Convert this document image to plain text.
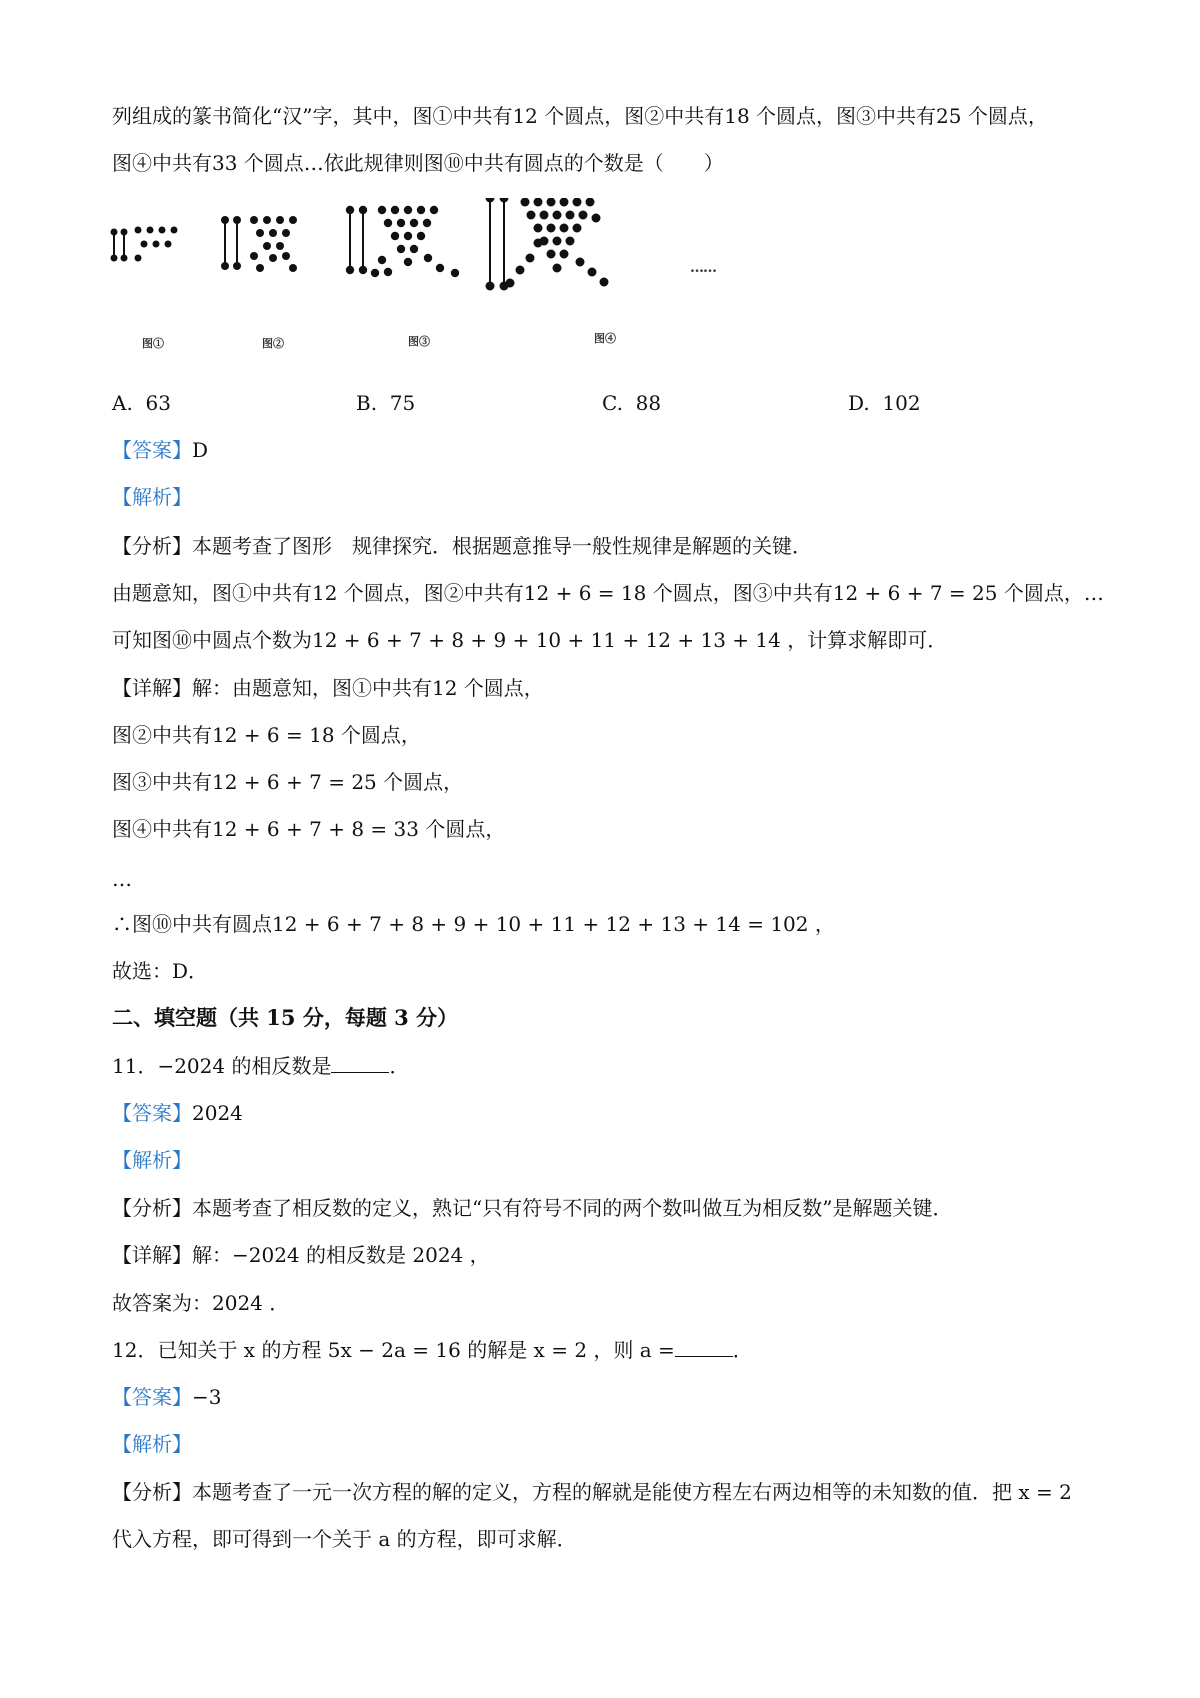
列组成的篆书简化“汉”字，其中，图①中共有12 个圆点，图②中共有18 个圆点，图③中共有25 个圆点，
图④中共有33 个圆点…依此规律则图⑩中共有圆点的个数是（　　）
图①	图②	图③	图④
……
A. 63	B. 75	C. 88	D. 102
【答案】D
【解析】
【分析】本题考查了图形　规律探究．根据题意推导一般性规律是解题的关键．
由题意知，图①中共有12 个圆点，图②中共有12 + 6 = 18 个圆点，图③中共有12 + 6 + 7 = 25 个圆点，…
可知图⑩中圆点个数为12 + 6 + 7 + 8 + 9 + 10 + 11 + 12 + 13 + 14 ，计算求解即可．
【详解】解：由题意知，图①中共有12 个圆点，
图②中共有12 + 6 = 18 个圆点，
图③中共有12 + 6 + 7 = 25 个圆点，
图④中共有12 + 6 + 7 + 8 = 33 个圆点，
…
∴图⑩中共有圆点12 + 6 + 7 + 8 + 9 + 10 + 11 + 12 + 13 + 14 = 102 ，
故选：D．
二、填空题（共 15 分，每题 3 分）
11．−2024 的相反数是	．
【答案】2024
【解析】
【分析】本题考查了相反数的定义，熟记“只有符号不同的两个数叫做互为相反数”是解题关键．
【详解】解：−2024 的相反数是 2024 ，
故答案为：2024 ．
12．已知关于 x 的方程 5x − 2a = 16 的解是 x = 2 ，则 a =	．
【答案】−3
【解析】
【分析】本题考查了一元一次方程的解的定义，方程的解就是能使方程左右两边相等的未知数的值．把 x = 2
代入方程，即可得到一个关于 a 的方程，即可求解．
